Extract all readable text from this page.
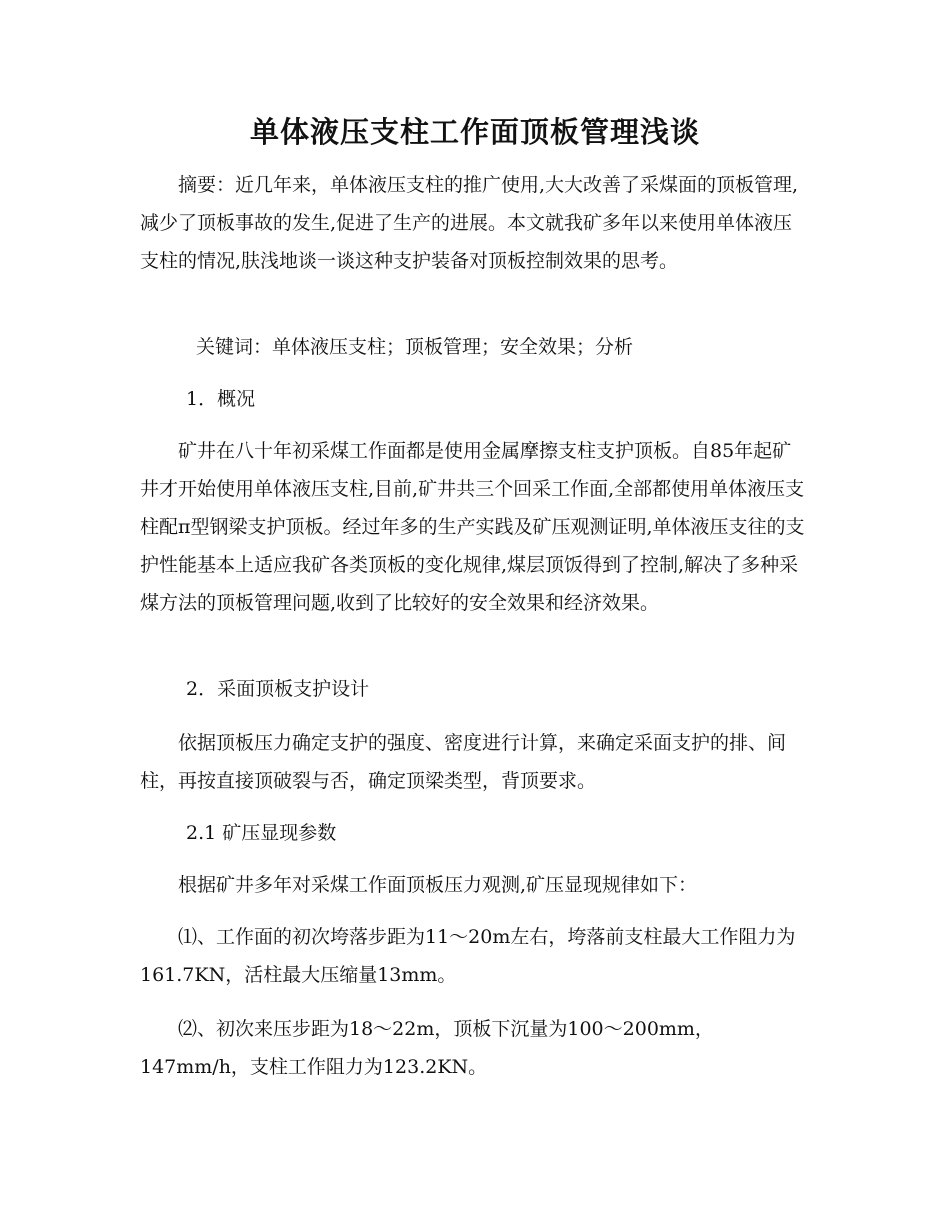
单体液压支柱工作面顶板管理浅谈

摘要：近几年来，单体液压支柱的推广使用,大大改善了采煤面的顶板管理,减少了顶板事故的发生,促进了生产的进展。本文就我矿多年以来使用单体液压支柱的情况,肤浅地谈一谈这种支护装备对顶板控制效果的思考。

关键词：单体液压支柱；顶板管理；安全效果；分析

1．概况

矿井在八十年初采煤工作面都是使用金属摩擦支柱支护顶板。自85年起矿井才开始使用单体液压支柱,目前,矿井共三个回采工作面,全部都使用单体液压支柱配π型钢梁支护顶板。经过年多的生产实践及矿压观测证明,单体液压支往的支护性能基本上适应我矿各类顶板的变化规律,煤层顶饭得到了控制,解决了多种采煤方法的顶板管理问题,收到了比较好的安全效果和经济效果。

2．采面顶板支护设计

依据顶板压力确定支护的强度、密度进行计算，来确定采面支护的排、间柱，再按直接顶破裂与否，确定顶梁类型，背顶要求。

2.1 矿压显现参数

根据矿井多年对采煤工作面顶板压力观测,矿压显现规律如下：

⑴、工作面的初次垮落步距为11～20m左右，垮落前支柱最大工作阻力为161.7KN，活柱最大压缩量13mm。

⑵、初次来压步距为18～22m，顶板下沉量为100～200mm，147mm/h，支柱工作阻力为123.2KN。
